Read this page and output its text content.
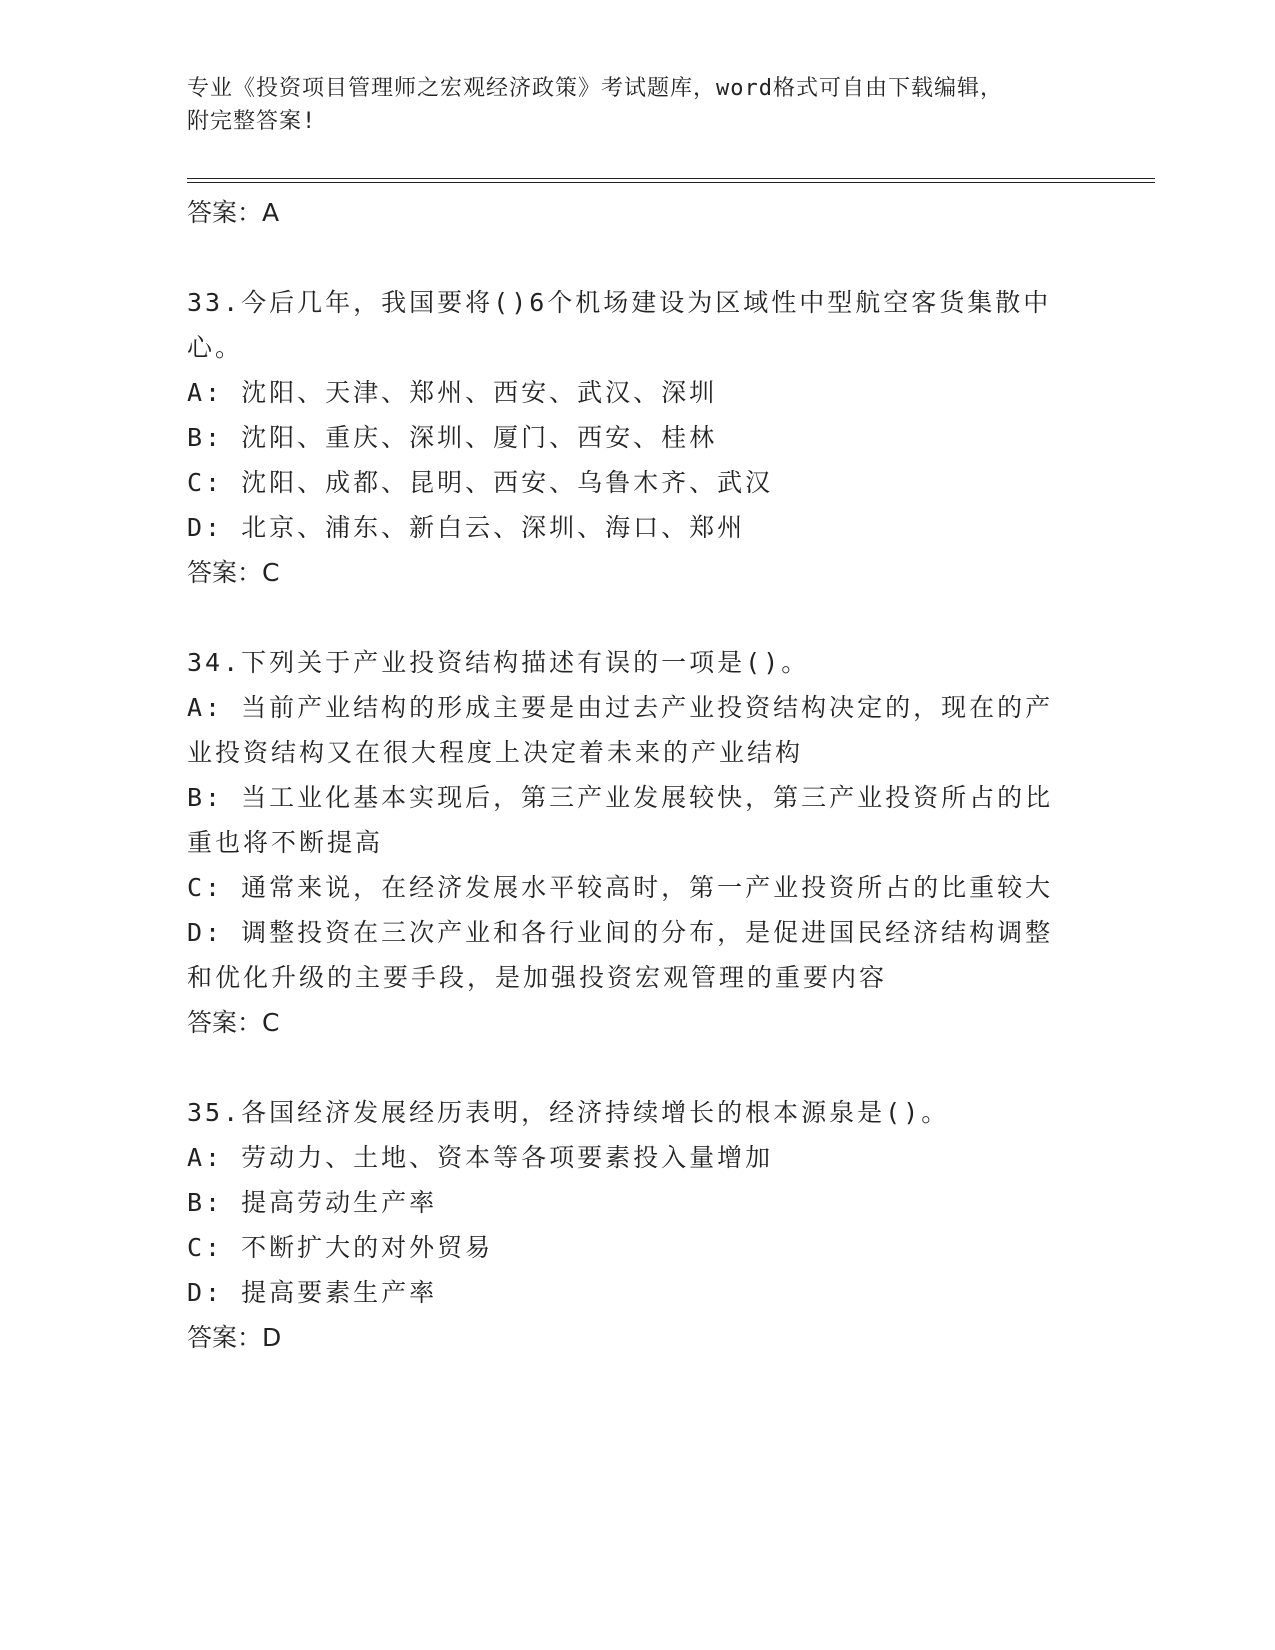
专业《投资项目管理师之宏观经济政策》考试题库，word格式可自由下载编辑，
附完整答案!

答案：A

33.今后几年，我国要将()6个机场建设为区域性中型航空客货集散中

心。

A: 沈阳、天津、郑州、西安、武汉、深圳

B: 沈阳、重庆、深圳、厦门、西安、桂林

C: 沈阳、成都、昆明、西安、乌鲁木齐、武汉

D: 北京、浦东、新白云、深圳、海口、郑州

答案：C

34.下列关于产业投资结构描述有误的一项是()。

A: 当前产业结构的形成主要是由过去产业投资结构决定的，现在的产

业投资结构又在很大程度上决定着未来的产业结构

B: 当工业化基本实现后，第三产业发展较快，第三产业投资所占的比

重也将不断提高

C: 通常来说，在经济发展水平较高时，第一产业投资所占的比重较大

D: 调整投资在三次产业和各行业间的分布，是促进国民经济结构调整

和优化升级的主要手段，是加强投资宏观管理的重要内容

答案：C

35.各国经济发展经历表明，经济持续增长的根本源泉是()。

A: 劳动力、土地、资本等各项要素投入量增加

B: 提高劳动生产率

C: 不断扩大的对外贸易

D: 提高要素生产率

答案：D
